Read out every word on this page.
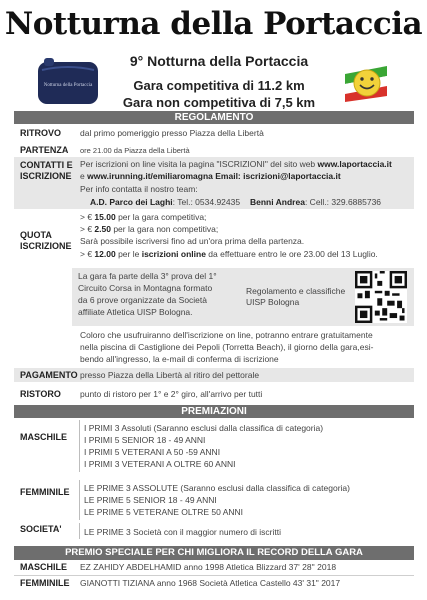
Notturna della Portaccia
Notturna della Portaccia
9° Notturna della Portaccia
Gara competitiva di 11.2 km
Gara non competitiva di 7,5 km
REGOLAMENTO
RITROVO dal primo pomeriggio presso Piazza della Libertà
PARTENZA ore 21.00 da Piazza della Libertà
CONTATTI E
ISCRIZIONE
Per iscrizioni on line visita la pagina "ISCRIZIONI" del sito web www.laportaccia.it
e www.irunning.it/emiliaromagna Email: iscrizioni@laportaccia.it
Per info contatta il nostro team:
A.D. Parco dei Laghi: Tel.: 0534.92435 Benni Andrea: Cell.: 329.6885736
QUOTA
ISCRIZIONE
> € 15.00 per la gara competitiva;
> € 2.50 per la gara non competitiva;
Sarà possibile iscriversi fino ad un'ora prima della partenza.
> € 12.00 per le iscrizioni online da effettuare entro le ore 23.00 del 13 Luglio.
La gara fa parte della 3° prova del 1°
Circuito Corsa in Montagna formato
da 6 prove organizzate da Società
affiliate Atletica UISP Bologna.
Regolamento e classifiche
UISP Bologna
Coloro che usufruiranno dell'iscrizione on line, potranno entrare gratuitamente
nella piscina di Castiglione dei Pepoli (Torretta Beach), il giorno della gara,esi-
bendo all'ingresso, la e-mail di conferma di iscrizione
PAGAMENTO presso Piazza della Libertà al ritiro del pettorale
RISTORO punto di ristoro per 1° e 2° giro, all'arrivo per tutti
PREMIAZIONI
MASCHILE
I PRIMI 3 Assoluti (Saranno esclusi dalla classifica di categoria)
I PRIMI 5 SENIOR 18 - 49 ANNI
I PRIMI 5 VETERANI A 50 -59 ANNI
I PRIMI 3 VETERANI A OLTRE 60 ANNI
FEMMINILE LE PRIME 3 ASSOLUTE (Saranno esclusi dalla classifica di categoria)
LE PRIME 5 SENIOR 18 - 49 ANNI
LE PRIME 5 VETERANE OLTRE 50 ANNI
SOCIETA'	LE PRIME 3 Società con il maggior numero di iscritti
PREMIO SPECIALE PER CHI MIGLIORA IL RECORD DELLA GARA
MASCHILE EZ ZAHIDY ABDELHAMID anno 1998 Atletica Blizzard 37' 28'' 2018
FEMMINILE GIANOTTI TIZIANA anno 1968 Società Atletica Castello 43' 31" 2017
